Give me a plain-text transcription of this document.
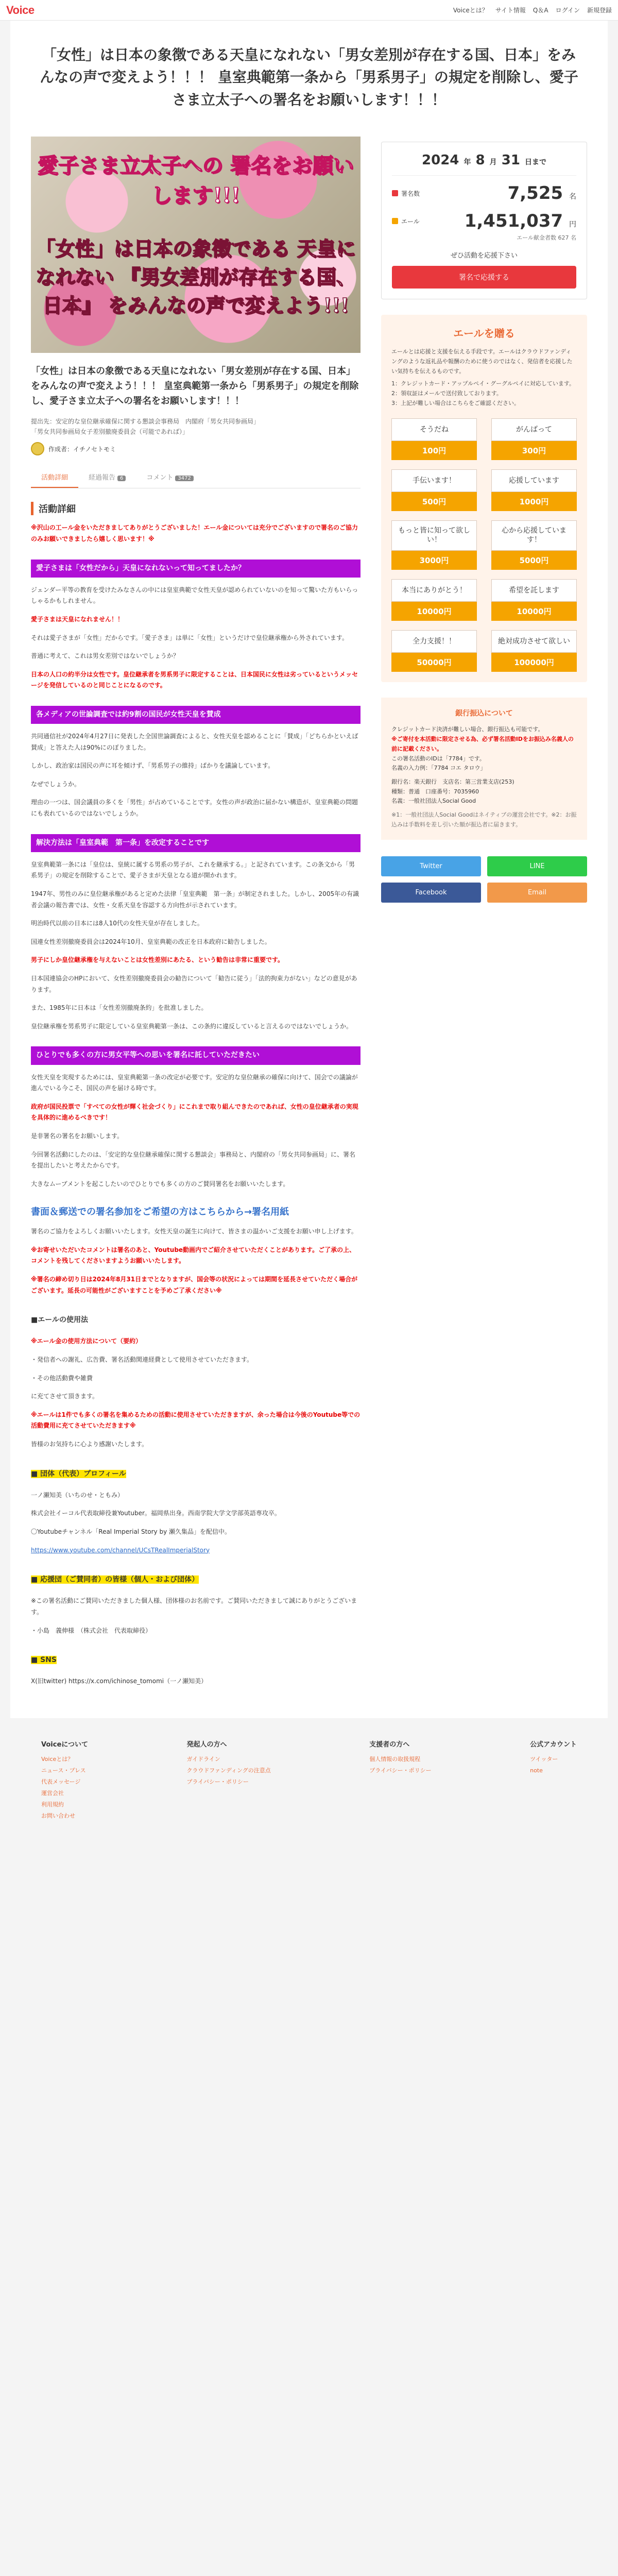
Voice	Voiceとは？ サイト情報 Q＆A ログイン 新規登録
「女性」は日本の象徴である天皇になれない「男女差別が存在する国、日本」をみんなの声で変えよう！！！ 皇室典範第一条から「男系男子」の規定を削除し、愛子さま立太子への署名をお願いします！！！
愛子さま立太子への 署名をお願いします!!!
「女性」は日本の象徴である 天皇になれない 『男女差別が存在する国、日本』 をみんなの声で変えよう!!!
「女性」は日本の象徴である天皇になれない「男女差別が存在する国、日本」をみんなの声で変えよう！！！ 皇室典範第一条から「男系男子」の規定を削除し、愛子さま立太子への署名をお願いします！！！
提出先：安定的な皇位継承確保に関する懇談会事務局　内閣府「男女共同参画局」
「男女共同参画局女子差別撤廃委員会（可能であれば）」
作成者：イチノセトモミ
活動詳細	経過報告 6	コメント 3472
活動詳細

※沢山の工ール金をいただきましてありがとうございました！エール金については充分でございますので署名のご協力のみお願いできましたら嬉しく思います！※

愛子さまは「女性だから」天皇になれないって知ってましたか？

ジェンダー平等の教育を受けたみなさんの中には皇室典範で女性天皇が認められていないのを知って驚いた方もいらっしゃるかもしれません。

愛子さまは天皇になれません！！

それは愛子さまが「女性」だからです。「愛子さま」は単に「女性」というだけで皇位継承権から外されています。

普通に考えて、これは男女差別ではないでしょうか？

日本の人口の約半分は女性です。皇位継承者を男系男子に限定することは、日本国民に女性は劣っているというメッセージを発信しているのと同じことになるのです。

各メディアの世論調査では約9割の国民が女性天皇を賛成

共同通信社が2024年4月27日に発表した全国世論調査によると、女性天皇を認めることに「賛成」「どちらかといえば賛成」と答えた人は90%にのぼりました。

しかし、政治家は国民の声に耳を傾けず、「男系男子の維持」ばかりを議論しています。

なぜでしょうか。

理由の一つは、国会議員の多くを「男性」が占めていることです。女性の声が政治に届かない構造が、皇室典範の問題にも表れているのではないでしょうか。

解決方法は「皇室典範　第一条」を改定することです

皇室典範第一条には「皇位は、皇統に属する男系の男子が、これを継承する。」と記されています。この条文から「男系男子」の規定を削除することで、愛子さまが天皇となる道が開かれます。

1947年、男性のみに皇位継承権があると定めた法律「皇室典範　第一条」が制定されました。しかし、2005年の有識者会議の報告書では、女性・女系天皇を容認する方向性が示されています。

明治時代以前の日本には8人10代の女性天皇が存在しました。

国連女性差別撤廃委員会は2024年10月、皇室典範の改正を日本政府に勧告しました。

男子にしか皇位継承権を与えないことは女性差別にあたる、という勧告は非常に重要です。

日本国連協会のHPにおいて、女性差別撤廃委員会の勧告について「勧告に従う」「法的拘束力がない」などの意見があります。

また、1985年に日本は「女性差別撤廃条約」を批准しました。

皇位継承権を男系男子に限定している皇室典範第一条は、この条約に違反していると言えるのではないでしょうか。

ひとりでも多くの方に男女平等への思いを署名に託していただきたい

女性天皇を実現するためには、皇室典範第一条の改定が必要です。安定的な皇位継承の確保に向けて、国会での議論が進んでいる今こそ、国民の声を届ける時です。

政府が国民投票で「すべての女性が輝く社会づくり」にこれまで取り組んできたのであれば、女性の皇位継承者の実現を具体的に進めるべきです！

是非署名の署名をお願いします。

今回署名活動にしたのは、「安定的な皇位継承確保に関する懇談会」事務局と、内閣府の「男女共同参画局」に、署名を提出したいと考えたからです。

大きなムーブメントを起こしたいのでひとりでも多くの方のご賛同署名をお願いいたします。

書面＆郵送での署名参加をご希望の方はこちらから→署名用紙

署名のご協力をよろしくお願いいたします。女性天皇の誕生に向けて、皆さまの温かいご支援をお願い申し上げます。

※お寄せいただいたコメントは署名のあと、Youtube動画内でご紹介させていただくことがあります。ご了承の上、コメントを残してくださいますようお願いいたします。

※署名の締め切り日は2024年8月31日までとなりますが、国会等の状況によっては期間を延長させていただく場合がございます。延長の可能性がございますことを予めご了承ください※

■エールの使用法

※エール金の使用方法について（要約）

・発信者への謝礼、広告費、署名活動関連経費として使用させていただきます。

・その他活動費や雑費

に充てさせて頂きます。

※エールは1件でも多くの署名を集めるための活動に使用させていただきますが、余った場合は今後のYoutube等での活動費用に充てさせていただきます※

皆様のお気持ちに心より感謝いたします。

■ 団体（代表）プロフィール

一ノ瀬知美（いちのせ・ともみ）

株式会社イーコル代表取締役兼Youtuber。福岡県出身。西南学院大学文学部英語専攻卒。

〇Youtubeチャンネル「Real Imperial Story by 瀬久集品」を配信中。

https://www.youtube.com/channel/UCsTRealImperialStory

■ 応援団（ご賛同者）の皆様（個人・および団体）

※この署名活動にご賛同いただきました個人様、団体様のお名前です。ご賛同いただきまして誠にありがとうございます。

・小島　義伸様　（株式会社　代表取締役）

■ SNS

X(旧twitter) https://x.com/ichinose_tomomi（一ノ瀬知美）

2024 年 8 月 31 日まで
署名数	7,525 名
エール	1,451,037 円
エール献金者数 627 名
ぜひ活動を応援下さい
署名で応援する
エールを贈る
エールとは応援と支援を伝える手段です。エールはクラウドファンディングのような返礼品や報酬のために使うのではなく、発信者を応援したい気持ちを伝えるものです。
1：クレジットカード・アップルペイ・グーグルペイに対応しています。
2：領収証はメールで送付致しております。
3：上記が難しい場合はこちらをご確認ください。
そうだね
100円
がんばって
300円
手伝います！
500円
応援しています
1000円
もっと皆に知って欲しい！
3000円
心から応援しています！
5000円
本当にありがとう！
10000円
希望を託します
10000円
全力支援！！
50000円
絶対成功させて欲しい
100000円
銀行振込について
クレジットカード決済が難しい場合、銀行振込も可能です。
※ご寄付を本活動に限定させる為、必ず署名活動IDをお振込み名義人の前に記載ください。
この署名活動のIDは「7784」です。
名義の入力例：「7784 コエ タロウ」
銀行名：楽天銀行　支店名：第三営業支店(253)
種類：普通　口座番号：7035960
名義：一般社団法人Social Good
※1：一般社団法人Social Goodはネイティブの運営会社です。※2：お振込みは手数料を差し引いた額が振込者に届きます。
Twitter	LINE
Facebook	Email
Voiceについて
Voiceとは？
ニュース・プレス
代表メッセージ
運営会社
利用規約
お問い合わせ
発起人の方へ
ガイドライン
クラウドファンディングの注意点
プライバシー・ポリシー
支援者の方へ
個人情報の取扱規程
プライバシー・ポリシー
公式アカウント
ツイッター
note
